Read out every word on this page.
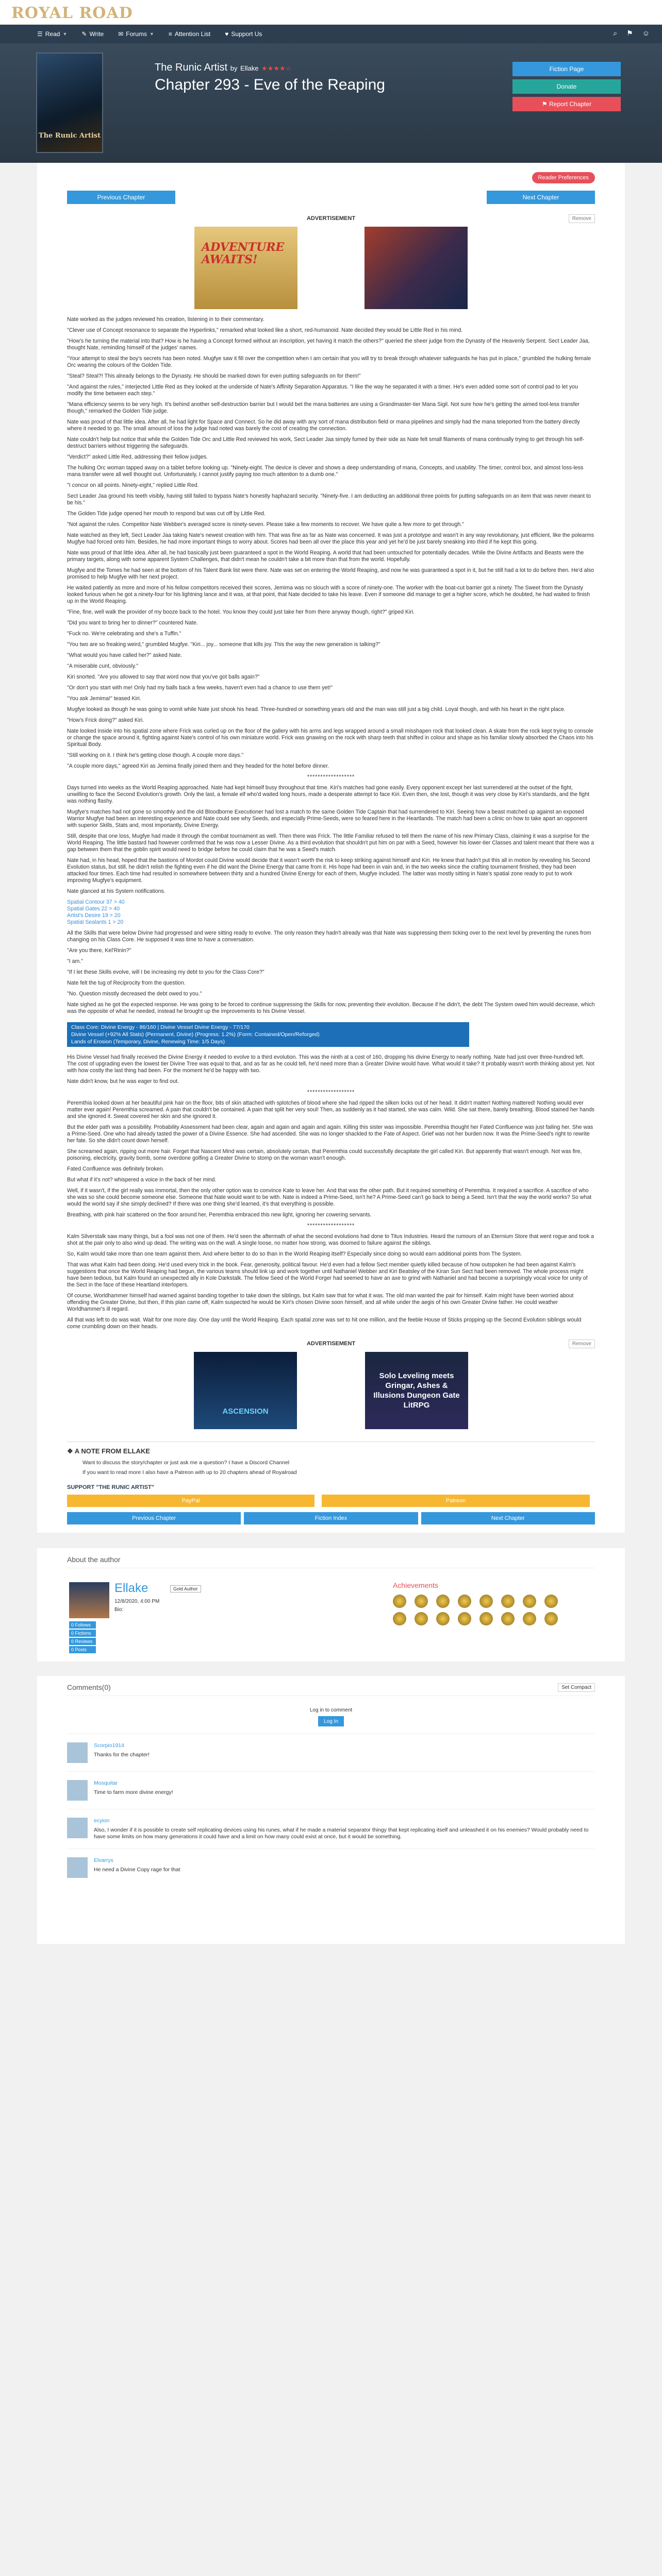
ROYAL ROAD
☰ Read ▼ ✎ Write ✉ Forums ▼ ≡ Attention List ♥ Support Us	⌕ ⚑ ☺
The Runic Artist
The Runic Artist by Ellake ★★★★☆
Chapter 293 - Eve of the Reaping
Fiction Page
Donate
⚑ Report Chapter
Reader Preferences
Previous Chapter	Next Chapter
ADVERTISEMENT	Remove
ADVENTURE AWAITS!

Nate worked as the judges reviewed his creation, listening in to their commentary.

"Clever use of Concept resonance to separate the Hyperlinks," remarked what looked like a short, red-humanoid. Nate decided they would be Little Red in his mind.

"How's he turning the material into that? How is he having a Concept formed without an inscription, yet having it match the others?" queried the sheer judge from the Dynasty of the Heavenly Serpent. Sect Leader Jaa, thought Nate, reminding himself of the judges' names.

"Your attempt to steal the boy's secrets has been noted. Mugfye saw it fill over the competition when I am certain that you will try to break through whatever safeguards he has put in place," grumbled the hulking female Orc wearing the colours of the Golden Tide.

"Steal? Steal?! This already belongs to the Dynasty. He should be marked down for even putting safeguards on for them!"

"And against the rules," interjected Little Red as they looked at the underside of Nate's Affinity Separation Apparatus. "I like the way he separated it with a timer. He's even added some sort of control pad to let you modify the time between each step."

"Mana efficiency seems to be very high. It's behind another self-destruction barrier but I would bet the mana batteries are using a Grandmaster-tier Mana Sigil. Not sure how he's getting the aimed tool-less transfer though," remarked the Golden Tide judge.

Nate was proud of that little idea. After all, he had light for Space and Connect. So he did away with any sort of mana distribution field or mana pipelines and simply had the mana teleported from the battery directly where it needed to go. The small amount of loss the judge had noted was barely the cost of creating the connection.

Nate couldn't help but notice that while the Golden Tide Orc and Little Red reviewed his work, Sect Leader Jaa simply fumed by their side as Nate felt small filaments of mana continually trying to get through his self-destruct barriers without triggering the safeguards.

"Verdict?" asked Little Red, addressing their fellow judges.

The hulking Orc woman tapped away on a tablet before looking up. "Ninety-eight. The device is clever and shows a deep understanding of mana, Concepts, and usability. The timer, control box, and almost loss-less mana transfer were all well thought out. Unfortunately, I cannot justify paying too much attention to a dumb one."

"I concur on all points. Ninety-eight," replied Little Red.

Sect Leader Jaa ground his teeth visibly, having still failed to bypass Nate's honestly haphazard security. "Ninety-five. I am deducting an additional three points for putting safeguards on an item that was never meant to be his."

The Golden Tide judge opened her mouth to respond but was cut off by Little Red.

"Not against the rules. Competitor Nate Webber's averaged score is ninety-seven. Please take a few moments to recover. We have quite a few more to get through."

Nate watched as they left, Sect Leader Jaa taking Nate's newest creation with him. That was fine as far as Nate was concerned. It was just a prototype and wasn't in any way revolutionary, just efficient, like the polearms Mugfye had forced onto him. Besides, he had more important things to worry about. Scores had been all over the place this year and yet he'd be just barely sneaking into third if he kept this going.

Nate was proud of that little idea. After all, he had basically just been guaranteed a spot in the World Reaping. A world that had been untouched for potentially decades. While the Divine Artifacts and Beasts were the primary targets, along with some apparent System Challenges, that didn't mean he couldn't take a bit more than that from the world. Hopefully.

Mugfye and the Tomes he had seen at the bottom of his Talent Bank list were there. Nate was set on entering the World Reaping, and now he was guaranteed a spot in it, but he still had a lot to do before then. He'd also promised to help Mugfye with her next project.

He waited patiently as more and more of his fellow competitors received their scores, Jemima was no slouch with a score of ninety-one. The worker with the boat-cut barrier got a ninety. The Sweet from the Dynasty looked furious when he got a ninety-four for his lightning lance and it was, at that point, that Nate decided to take his leave. Even if someone did manage to get a higher score, which he doubted, he had waited to finish up in the World Reaping.

"Fine, fine, well walk the provider of my booze back to the hotel. You know they could just take her from there anyway though, right?" griped Kiri.

"Did you want to bring her to dinner?" countered Nate.

"Fuck no. We're celebrating and she's a Tuffin."

"You two are so freaking weird," grumbled Mugfye. "Kiri... joy... someone that kills joy. This the way the new generation is talking?"

"What would you have called her?" asked Nate.

"A miserable cunt, obviously."

Kiri snorted. "Are you allowed to say that word now that you've got balls again?"

"Or don't you start with me! Only had my balls back a few weeks, haven't even had a chance to use them yet!"

"You ask Jemima!" teased Kiri.

Mugfye looked as though he was going to vomit while Nate just shook his head. Three-hundred or something years old and the man was still just a big child. Loyal though, and with his heart in the right place.

"How's Frick doing?" asked Kiri.

Nate looked inside into his spatial zone where Frick was curled up on the floor of the gallery with his arms and legs wrapped around a small misshapen rock that looked clean. A skate from the rock kept trying to console or change the space around it, fighting against Nate's control of his own miniature world. Frick was gnawing on the rock with sharp teeth that shifted in colour and shape as his familiar slowly absorbed the Chaos into his Spiritual Body.

"Still working on it. I think he's getting close though. A couple more days."

"A couple more days," agreed Kiri as Jemima finally joined them and they headed for the hotel before dinner.

******************

Days turned into weeks as the World Reaping approached. Nate had kept himself busy throughout that time. Kiri's matches had gone easily. Every opponent except her last surrendered at the outset of the fight, unwilling to face the Second Evolution's growth. Only the last, a female elf who'd waited long hours, made a desperate attempt to face Kiri. Even then, she lost, though it was very close by Kiri's standards, and the fight was nothing flashy.

Mugfye's matches had not gone so smoothly and the old Bloodborne Executioner had lost a match to the same Golden Tide Captain that had surrendered to Kiri. Seeing how a beast matched up against an exposed Warrior Mugfye had been an interesting experience and Nate could see why Seeds, and especially Prime-Seeds, were so feared here in the Heartlands. The match had been a clinic on how to take apart an opponent with superior Skills, Stats and, most importantly, Divine Energy.

Still, despite that one loss, Mugfye had made it through the combat tournament as well. Then there was Frick. The little Familiar refused to tell them the name of his new Primary Class, claiming it was a surprise for the World Reaping. The little bastard had however confirmed that he was now a Lesser Divine. As a third evolution that shouldn't put him on par with a Seed, however his lower-tier Classes and talent meant that there was a gap between them that the goblin spirit would need to bridge before he could claim that he was a Seed's match.

Nate had, in his head, hoped that the bastions of Mordot could Divine would decide that it wasn't worth the risk to keep striking against himself and Kiri. He knew that hadn't put this all in motion by revealing his Second Evolution status, but still, he didn't relish the fighting even if he did want the Divine Energy that came from it. His hope had been in vain and, in the two weeks since the crafting tournament finished, they had been attacked four times. Each time had resulted in somewhere between thirty and a hundred Divine Energy for each of them, Mugfye included. The latter was mostly sitting in Nate's spatial zone ready to put to work improving Mugfye's equipment.

Nate glanced at his System notifications.

Spatial Contour 37 > 40
Spatial Gates 22 > 40
Artist's Desire 19 > 20
Spatial Sealants 1 > 20

All the Skills that were below Divine had progressed and were sitting ready to evolve. The only reason they hadn't already was that Nate was suppressing them ticking over to the next level by preventing the runes from changing on his Class Core. He supposed it was time to have a conversation.

"Are you there, Kel'Rinin?"

"I am."

"If I let these Skills evolve, will I be increasing my debt to you for the Class Core?"

Nate felt the tug of Reciprocity from the question.

"No. Question misstly decreased the debt owed to you."

Nate sighed as he got the expected response. He was going to be forced to continue suppressing the Skills for now, preventing their evolution. Because if he didn't, the debt The System owed him would decrease, which was the opposite of what he needed, instead he brought up the improvements to his Divine Vessel.

Class Core: Divine Energy - 86/160 | Divine Vessel Divine Energy - 77/170
Divine Vessel (+92% All Stats) (Permanent, Divine) (Progress: 1.2%) (Form: Contained/Open/Reforged)
Lands of Erosion (Temporary, Divine, Renewing Time: 1/5 Days)

His Divine Vessel had finally received the Divine Energy it needed to evolve to a third evolution. This was the ninth at a cost of 160, dropping his divine Energy to nearly nothing. Nate had just over three-hundred left. The cost of upgrading even the lowest tier Divine Tree was equal to that, and as far as he could tell, he'd need more than a Greater Divine would have. What would it take? It probably wasn't worth thinking about yet. Not with how costly the last thing had been. For the moment he'd be happy with two.

Nate didn't know, but he was eager to find out.

******************

Peremthia looked down at her beautiful pink hair on the floor, bits of skin attached with splotches of blood where she had ripped the silken locks out of her head. It didn't matter! Nothing mattered! Nothing would ever matter ever again! Peremthia screamed. A pain that couldn't be contained. A pain that split her very soul! Then, as suddenly as it had started, she was calm. Wild. She sat there, barely breathing. Blood stained her hands and she ignored it. Sweat covered her skin and she ignored it.

But the elder path was a possibility. Probability Assessment had been clear, again and again and again and again. Killing this sister was impossible. Peremthia thought her Fated Confluence was just failing her. She was a Prime-Seed. One who had already tasted the power of a Divine Essence. She had ascended. She was no longer shackled to the Fate of Aspect. Grief was not her burden now. It was the Prime-Seed's right to rewrite her fate. So she didn't count down herself.

She screamed again, ripping out more hair. Forget that Nascent Mind was certain, absolutely certain, that Peremthia could successfully decapitate the girl called Kiri. But apparently that wasn't enough. Not was fire, poisoning, electricity, gravity bomb, some overdone golfing a Greater Divine to stomp on the woman wasn't enough.

Fated Confluence was definitely broken.

But what if it's not? whispered a voice in the back of her mind.

Well, if it wasn't, if the girl really was immortal, then the only other option was to convince Kate to leave her. And that was the other path. But it required something of Peremthia. It required a sacrifice. A sacrifice of who she was so she could become someone else. Someone that Nate would want to be with. Nate is indeed a Prime-Seed, isn't he? A Prime-Seed can't go back to being a Seed. Isn't that the way the world works? So what would the world say if she simply declined? If there was one thing she'd learned, it's that everything is possible.

Breathing, with pink hair scattered on the floor around her, Peremthia embraced this new light, ignoring her cowering servants.

******************

Kalm Silverstalk saw many things, but a fool was not one of them. He'd seen the aftermath of what the second evolutions had done to Titus Industries. Heard the rumours of an Eternium Store that went rogue and took a shot at the pair only to also wind up dead. The writing was on the wall. A single loose, no matter how strong, was doomed to failure against the siblings.

So, Kalm would take more than one team against them. And where better to do so than in the World Reaping itself? Especially since doing so would earn additional points from The System.

That was what Kalm had been doing. He'd used every trick in the book. Fear, generosity, political favour. He'd even had a fellow Sect member quietly killed because of how outspoken he had been against Kalm's suggestions that once the World Reaping had begun, the various teams should link up and work together until Nathaniel Webber and Kiri Beatsley of the Kiran Sun Sect had been removed. The whole process might have been tedious, but Kalm found an unexpected ally in Kole Darkstalk. The fellow Seed of the World Forger had seemed to have an axe to grind with Nathaniel and had become a surprisingly vocal voice for unity of the Sect in the face of these Heartland interlopers.

Of course, Worldhammer himself had warned against banding together to take down the siblings, but Kalm saw that for what it was. The old man wanted the pair for himself. Kalm might have been worried about offending the Greater Divine, but then, if this plan came off, Kalm suspected he would be Kiri's chosen Divine soon himself, and all while under the aegis of his own Greater Divine father. He could weather Worldhammer's ill regard.

All that was left to do was wait. Wait for one more day. One day until the World Reaping. Each spatial zone was set to hit one million, and the feeble House of Sticks propping up the Second Evolution siblings would come crumbling down on their heads.

ADVERTISEMENT	Remove
ASCENSION
Solo Leveling meets Gringar, Ashes & Illusions Dungeon Gate LitRPG
❖ A NOTE FROM ELLAKE

Want to discuss the story/chapter or just ask me a question? I have a Discord Channel

If you want to read more I also have a Patreon with up to 20 chapters ahead of Royalroad

SUPPORT "THE RUNIC ARTIST"
PayPal	Patreon
Previous Chapter	Fiction Index	Next Chapter
About the author
Ellake	Gold Author
12/8/2020, 4:00 PM
Bio:
0 Follows
0 Fictions
0 Reviews
0 Posts
Achievements
Comments(0)	Set Compact
Log in to comment
Log In
Scorpio1914
Thanks for the chapter!
Mosquitar
Time to farm more divine energy!
ecyion
Also, I wonder if it is possible to create self replicating devices using his runes, what if he made a material separator thingy that kept replicating itself and unleashed it on his enemies? Would probably need to have some limits on how many generations it could have and a limit on how many could exist at once, but it would be something.
Elvarrys
He need a Divine Copy rage for that
